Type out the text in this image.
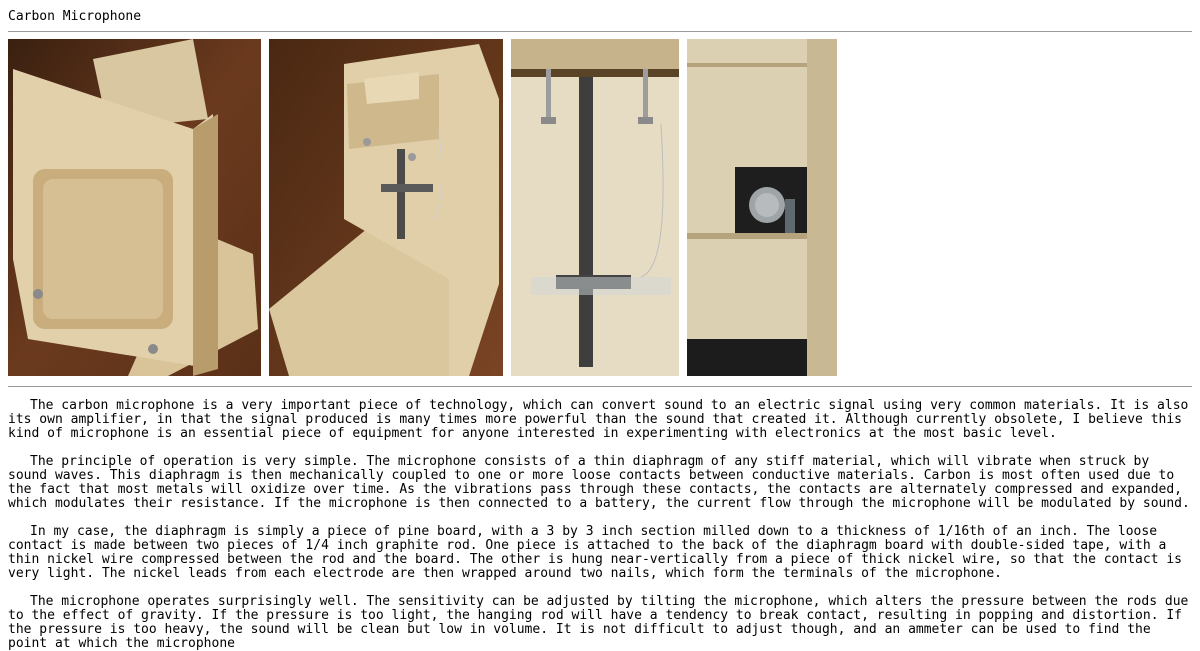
Carbon Microphone

The carbon microphone is a very important piece of technology, which can convert sound to an electric signal using very common materials. It is also its own amplifier, in that the signal produced is many times more powerful than the sound that created it. Although currently obsolete, I believe this kind of microphone is an essential piece of equipment for anyone interested in experimenting with electronics at the most basic level.

The principle of operation is very simple. The microphone consists of a thin diaphragm of any stiff material, which will vibrate when struck by sound waves. This diaphragm is then mechanically coupled to one or more loose contacts between conductive materials. Carbon is most often used due to the fact that most metals will oxidize over time. As the vibrations pass through these contacts, the contacts are alternately compressed and expanded, which modulates their resistance. If the microphone is then connected to a battery, the current flow through the microphone will be modulated by sound.

In my case, the diaphragm is simply a piece of pine board, with a 3 by 3 inch section milled down to a thickness of 1/16th of an inch. The loose contact is made between two pieces of 1/4 inch graphite rod. One piece is attached to the back of the diaphragm board with double-sided tape, with a thin nickel wire compressed between the rod and the board. The other is hung near-vertically from a piece of thick nickel wire, so that the contact is very light. The nickel leads from each electrode are then wrapped around two nails, which form the terminals of the microphone.

The microphone operates surprisingly well. The sensitivity can be adjusted by tilting the microphone, which alters the pressure between the rods due to the effect of gravity. If the pressure is too light, the hanging rod will have a tendency to break contact, resulting in popping and distortion. If the pressure is too heavy, the sound will be clean but low in volume. It is not difficult to adjust though, and an ammeter can be used to find the point at which the microphone
